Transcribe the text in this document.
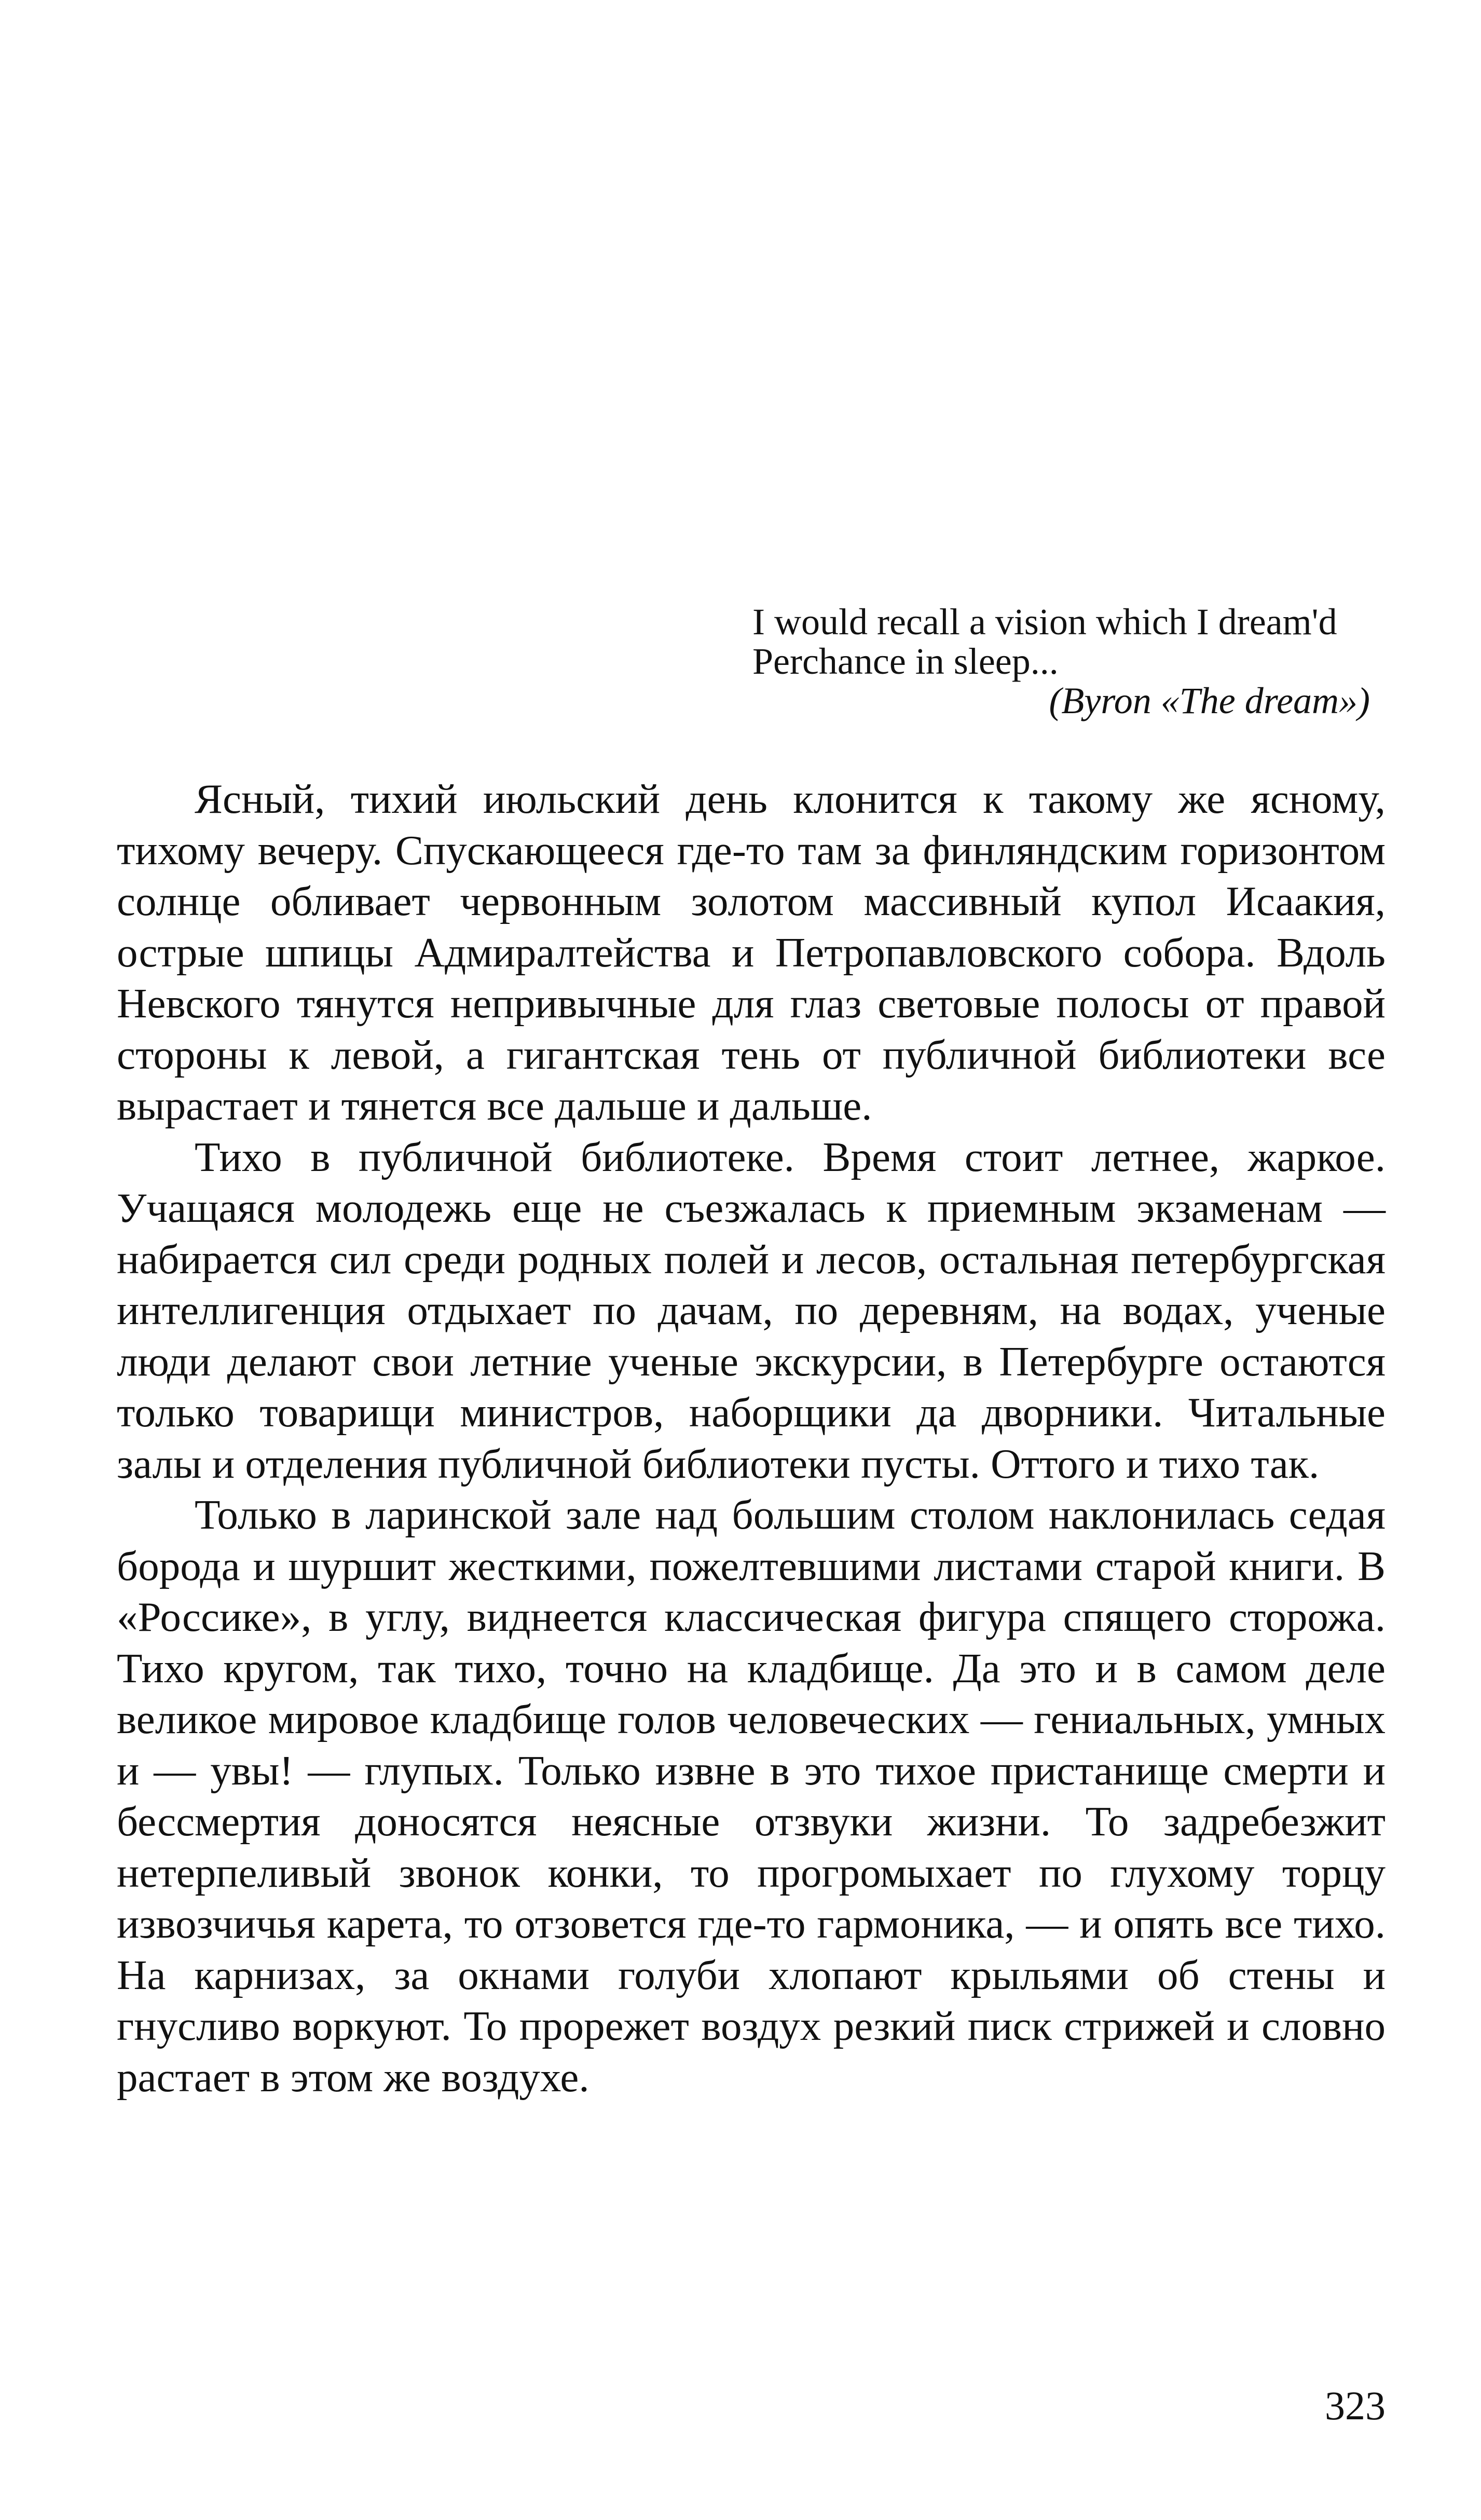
I would recall a vision which I dream'd
Perchance in sleep...
(Byron «The dream»)

Ясный, тихий июльский день клонится к такому же ясному, тихому вечеру. Спускающееся где-то там за финляндским горизонтом солнце обливает червонным золотом массивный купол Исаакия, острые шпицы Адмиралтейства и Петропавловского собора. Вдоль Невского тянутся непривычные для глаз световые полосы от правой стороны к левой, а гигантская тень от публичной библиотеки все вырастает и тянется все дальше и дальше.

Тихо в публичной библиотеке. Время стоит летнее, жаркое. Учащаяся молодежь еще не съезжалась к приемным экзаменам — набирается сил среди родных полей и лесов, остальная петербургская интеллигенция отдыхает по дачам, по деревням, на водах, ученые люди делают свои летние ученые экскурсии, в Петербурге остаются только товарищи министров, наборщики да дворники. Читальные залы и отделения публичной библиотеки пусты. Оттого и тихо так.

Только в ларинской зале над большим столом наклонилась седая борода и шуршит жесткими, пожелтевшими листами старой книги. В «Россике», в углу, виднеется классическая фигура спящего сторожа. Тихо кругом, так тихо, точно на кладбище. Да это и в самом деле великое мировое кладбище голов человеческих — гениальных, умных и — увы! — глупых. Только извне в это тихое пристанище смерти и бессмертия доносятся неясные отзвуки жизни. То задребезжит нетерпеливый звонок конки, то прогромыхает по глухому торцу извозчичья карета, то отзовется где-то гармоника, — и опять все тихо. На карнизах, за окнами голуби хлопают крыльями об стены и гнусливо воркуют. То прорежет воздух резкий писк стрижей и словно растает в этом же воздухе.

323
